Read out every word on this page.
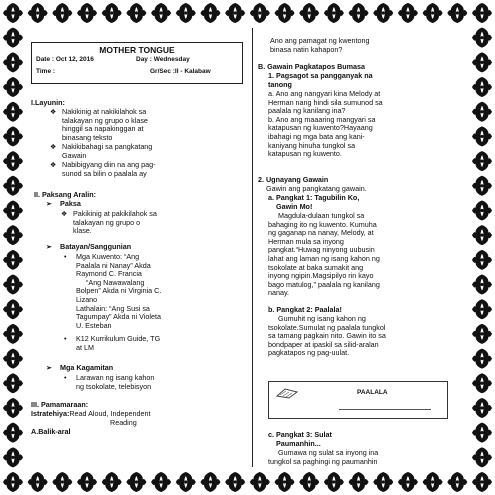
MOTHER TONGUE
Date : Oct 12, 2016	Day : Wednesday
Time :	Gr/Sec :II - Kalabaw
I.Layunin:
❖ Nakikinig at nakikilahok sa
talakayan ng grupo o klase
hinggil sa napakinggan at
binasang teksto
❖ Nakikibahagi sa pangkatang
Gawain
❖ Nabibigyang diin na ang pag-
sunod sa bilin o paalala ay
II. Paksang Aralin:
➢ Paksa
❖ Pakikinig at pakikilahok sa
talakayan ng grupo o
klase.
➢ Batayan/Sanggunian
• Mga Kuwento: “Ang
Paalala ni Nanay” Akda
Raymond C. Francia
“Ang Nawawalang
Bolpen” Akda ni Virginia C.
Lizano
Lathalain: “Ang Susi sa
Tagumpay” Akda ni Violeta
U. Esteban
• K12 Kurrikulum Guide, TG
at LM
➢ Mga Kagamitan
• Larawan ng isang kahon
ng tsokolate, telebisyon
III. Pamamaraan:
Istratehiya:Read Aloud, Independent
Reading
A.Balik-aral
Ano ang pamagat ng kwentong
binasa natin kahapon?
B. Gawain Pagkatapos Bumasa
1. Pagsagot sa pangganyak na
tanong
a. Ano ang nangyari kina Melody at
Herman nang hindi sila sumunod sa
paalala ng kanilang ina?
b. Ano ang maaaring mangyari sa
katapusan ng kuwento?Hayaang
ibahagi ng mga bata ang kani-
kaniyang hinuha tungkol sa
katapusan ng kuwento.
2. Ugnayang Gawain
Gawin ang pangkatang gawain.
a. Pangkat 1: Tagubilin Ko,
Gawin Mo!
Magdula-dulaan tungkol sa
bahaging ito ng kuwento. Kumuha
ng gaganap na nanay, Melody, at
Herman mula sa inyong
pangkat.“Huwag ninyong uubusin
lahat ang laman ng isang kahon ng
tsokolate at baka sumakit ang
inyong ngipin.Magsipilyo rin kayo
bago matulog,” paalala ng kanilang
nanay.
b. Pangkat 2: Paalala!
Gumuhit ng isang kahon ng
tsokolate.Sumulat ng paalala tungkol
sa tamang pagkain nito. Gawin ito sa
bondpaper at ipaskil sa silid-aralan
pagkatapos ng pag-uulat.
PAALALA
c. Pangkat 3: Sulat
Paumanhin...
Gumawa ng sulat sa inyong ina
tungkol sa paghingi ng paumanhin
